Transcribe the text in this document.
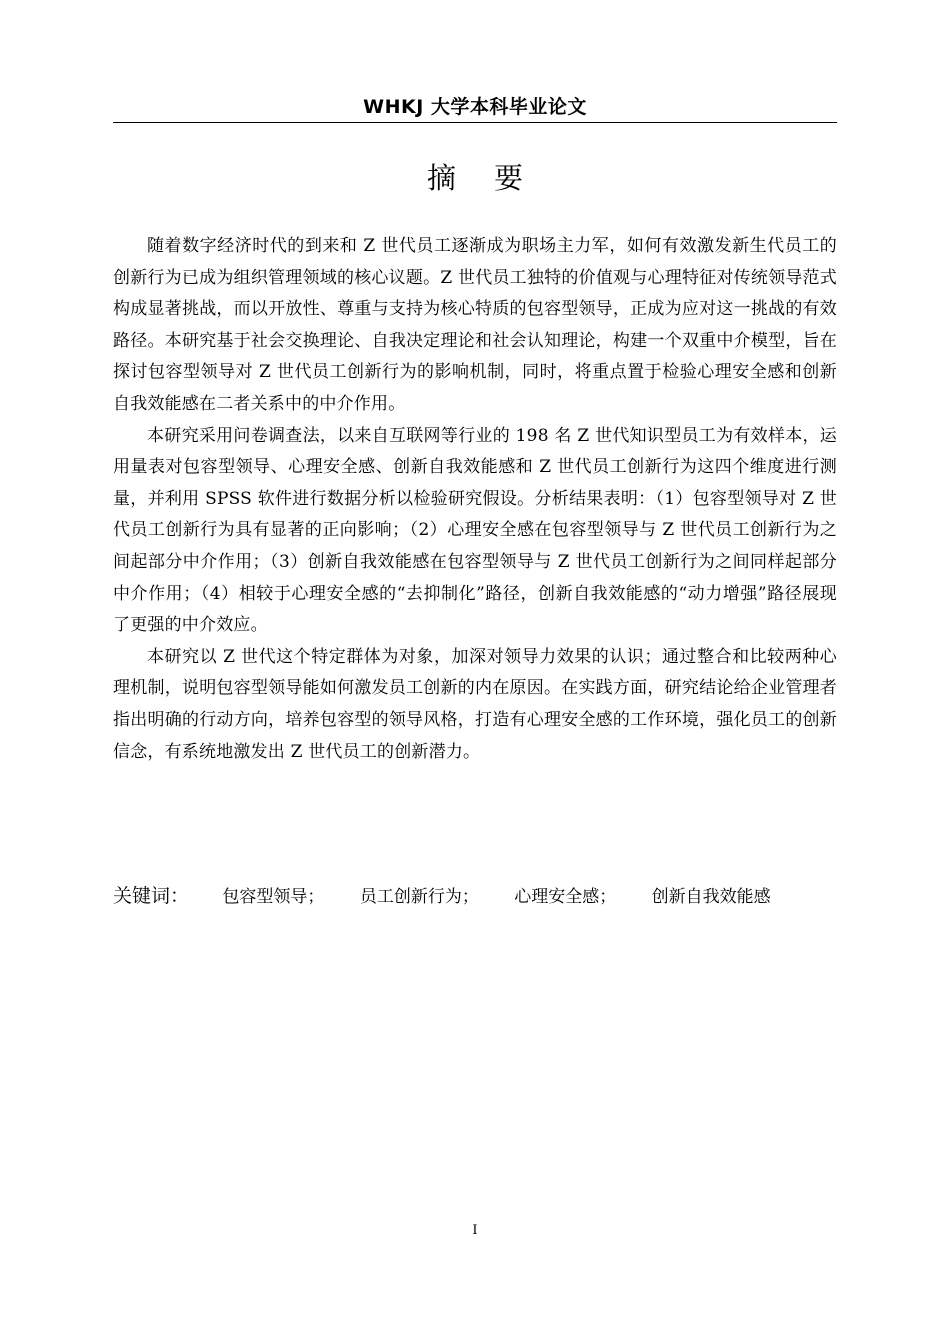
WHKJ 大学本科毕业论文
摘要

随着数字经济时代的到来和 Z 世代员工逐渐成为职场主力军，如何有效激发新生代员工的创新行为已成为组织管理领域的核心议题。Z 世代员工独特的价值观与心理特征对传统领导范式构成显著挑战，而以开放性、尊重与支持为核心特质的包容型领导，正成为应对这一挑战的有效路径。本研究基于社会交换理论、自我决定理论和社会认知理论，构建一个双重中介模型，旨在探讨包容型领导对 Z 世代员工创新行为的影响机制，同时，将重点置于检验心理安全感和创新自我效能感在二者关系中的中介作用。

本研究采用问卷调查法，以来自互联网等行业的 198 名 Z 世代知识型员工为有效样本，运用量表对包容型领导、心理安全感、创新自我效能感和 Z 世代员工创新行为这四个维度进行测量，并利用 SPSS 软件进行数据分析以检验研究假设。分析结果表明：（1）包容型领导对 Z 世代员工创新行为具有显著的正向影响；（2）心理安全感在包容型领导与 Z 世代员工创新行为之间起部分中介作用；（3）创新自我效能感在包容型领导与 Z 世代员工创新行为之间同样起部分中介作用；（4）相较于心理安全感的“去抑制化”路径，创新自我效能感的“动力增强”路径展现了更强的中介效应。

本研究以 Z 世代这个特定群体为对象，加深对领导力效果的认识；通过整合和比较两种心理机制，说明包容型领导能如何激发员工创新的内在原因。在实践方面，研究结论给企业管理者指出明确的行动方向，培养包容型的领导风格，打造有心理安全感的工作环境，强化员工的创新信念，有系统地激发出 Z 世代员工的创新潜力。

关键词： 包容型领导； 员工创新行为； 心理安全感； 创新自我效能感
I
